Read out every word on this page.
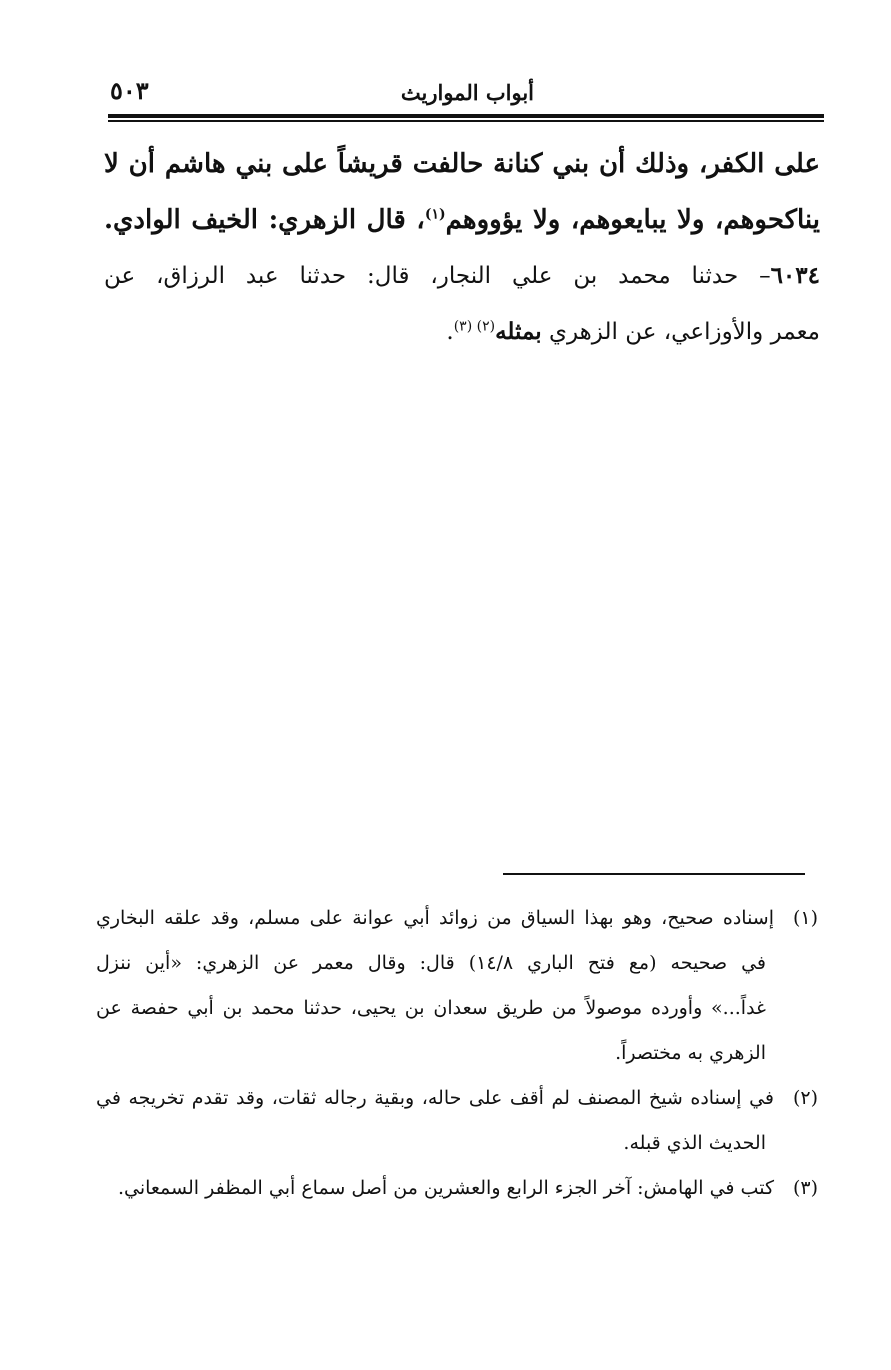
أبواب المواريث
٥٠٣
على الكفر، وذلك أن بني كنانة حالفت قريشاً على بني هاشم أن لا
يناكحوهم، ولا يبايعوهم، ولا يؤووهم$^{(١)}$، قال الزهري: الخيف الوادي.
٦٠٣٤– حدثنا محمد بن علي النجار، قال: حدثنا عبد الرزاق، عن
معمر والأوزاعي، عن الزهري بمثله$^{(٢) (٣)}$.
(١)إسناده صحيح، وهو بهذا السياق من زوائد أبي عوانة على مسلم، وقد علقه البخاري
في صحيحه (مع فتح الباري ١٤/٨) قال: وقال معمر عن الزهري: «أين ننزل
غداً...» وأورده موصولاً من طريق سعدان بن يحيى، حدثنا محمد بن أبي حفصة عن
الزهري به مختصراً.
(٢)في إسناده شيخ المصنف لم أقف على حاله، وبقية رجاله ثقات، وقد تقدم تخريجه في
الحديث الذي قبله.
(٣)كتب في الهامش: آخر الجزء الرابع والعشرين من أصل سماع أبي المظفر السمعاني.
